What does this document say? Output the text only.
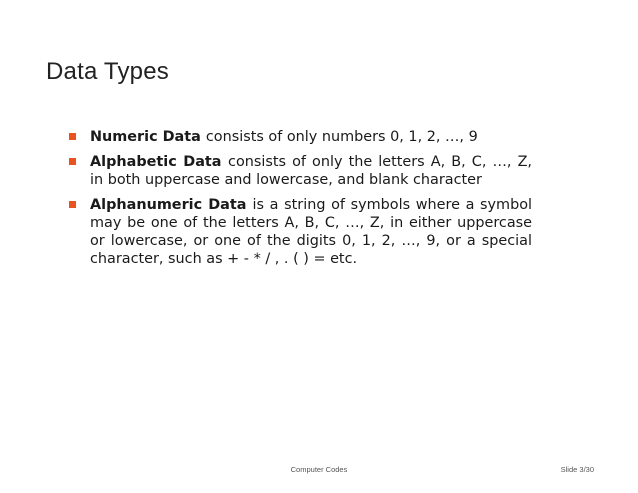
Data Types
Numeric Data consists of only numbers 0, 1, 2, …, 9
Alphabetic Data consists of only the letters A, B, C, …, Z, in both uppercase and lowercase, and blank character
Alphanumeric Data is a string of symbols where a symbol may be one of the letters A, B, C, …, Z, in either uppercase or lowercase, or one of the digits 0, 1, 2, …, 9, or a special character, such as + - * / , . ( ) = etc.
Computer Codes	Slide 3/30
